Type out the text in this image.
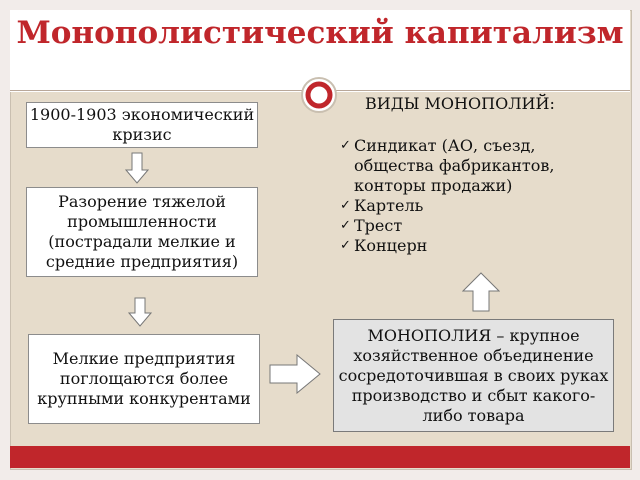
Монополистический капитализм
1900-1903 экономический кризис
Разорение тяжелой промышленности (пострадали мелкие и средние предприятия)
Мелкие предприятия поглощаются более крупными конкурентами
МОНОПОЛИЯ – крупное хозяйственное объединение сосредоточившая в своих руках производство и сбыт какого-либо товара
ВИДЫ МОНОПОЛИЙ:
✓ Синдикат (АО, съезд, общества фабрикантов, конторы продажи)
✓ Картель
✓ Трест
✓ Концерн
